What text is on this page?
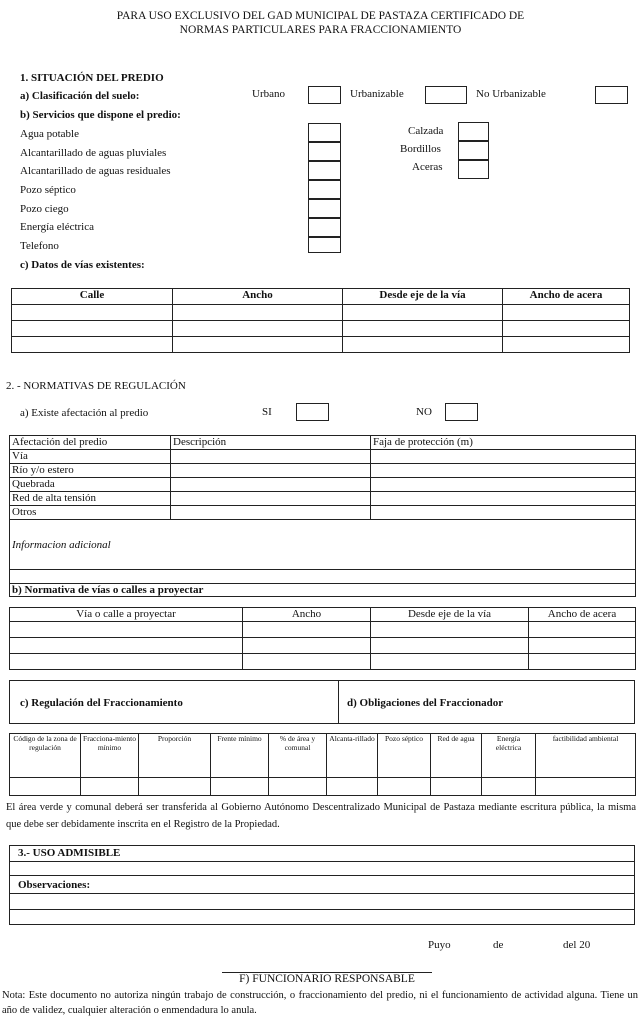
PARA USO EXCLUSIVO DEL GAD MUNICIPAL DE PASTAZA CERTIFICADO DE
NORMAS PARTICULARES PARA FRACCIONAMIENTO
1. SITUACIÓN DEL PREDIO
a) Clasificación del suelo:	Urbano	Urbanizable	No Urbanizable
b) Servicios que dispone el predio:
Agua potable
Alcantarillado de aguas pluviales
Alcantarillado de aguas residuales
Pozo séptico
Pozo ciego
Energía eléctrica
Telefono
Calzada
Bordillos
Aceras
c) Datos de vías existentes:
Calle	Ancho	Desde eje de la vía	Ancho de acera

2. - NORMATIVAS DE REGULACIÓN
a) Existe afectación al predio	SI	NO
Afectación del predio	Descripción	Faja de protección (m)
Vía		
Río y/o estero		
Quebrada		
Red de alta tensión		
Otros		
Informacion adicional		

b) Normativa de vías o calles a proyectar		
Vía o calle a proyectar	Ancho	Desde eje de la vía	Ancho de acera

c) Regulación del Fraccionamiento	d) Obligaciones del Fraccionador
Código de la zona de regulación	Fracciona-miento mínimo	Proporción	Frente mínimo	% de área y comunal	Alcanta-rillado	Pozo séptico	Red de agua	Energía eléctrica	factibilidad ambiental

El área verde y comunal deberá ser transferida al Gobierno Autónomo Descentralizado Municipal de Pastaza mediante escritura pública, la misma que debe ser debidamente inscrita en el Registro de la Propiedad.
3.- USO ADMISIBLE
Observaciones:
Puyo	de	del 20
F) FUNCIONARIO RESPONSABLE
Nota: Este documento no autoriza ningún trabajo de construcción, o fraccionamiento del predio, ni el funcionamiento de actividad alguna. Tiene un año de validez, cualquier alteración o enmendadura lo anula.
